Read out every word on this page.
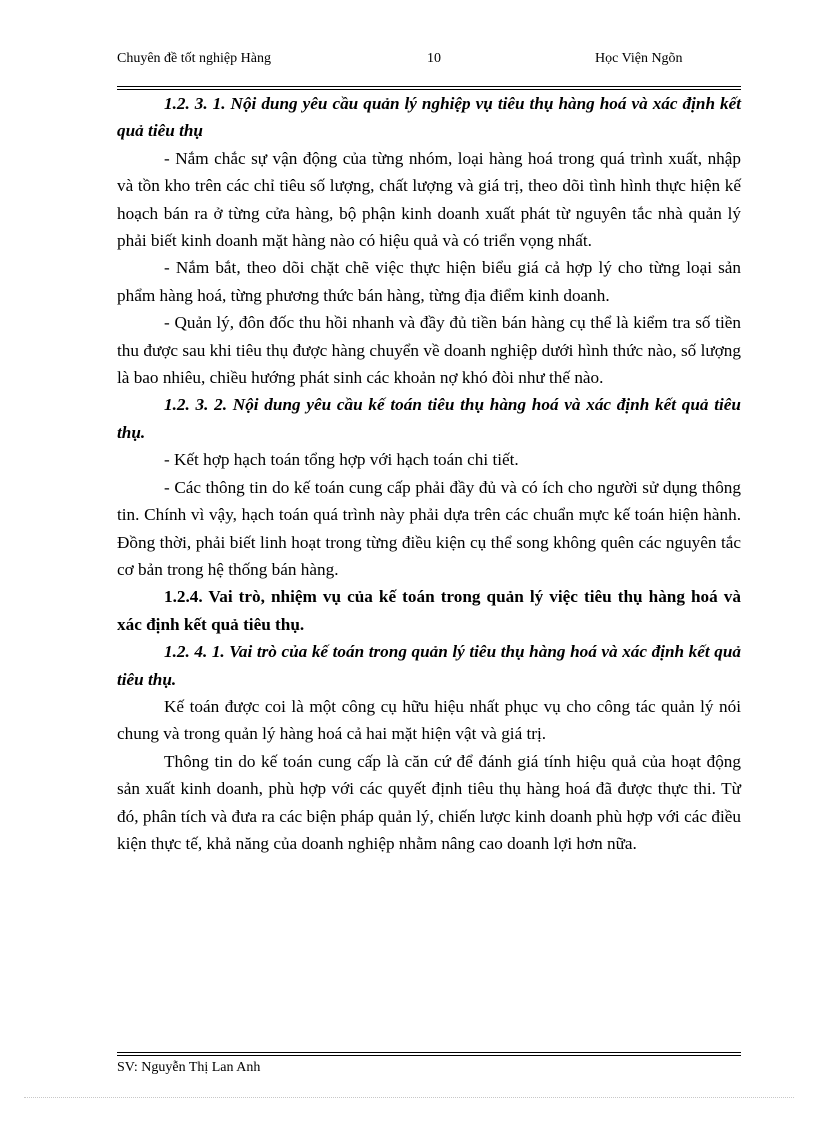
Chuyên đề tốt nghiệp Hàng	10	Học Viện Ngõn

1.2. 3. 1. Nội dung yêu cầu quản lý nghiệp vụ tiêu thụ hàng hoá và xác định kết quả tiêu thụ

- Nắm chắc sự vận động của từng nhóm, loại hàng hoá trong quá trình xuất, nhập và tồn kho trên các chỉ tiêu số lượng, chất lượng và giá trị, theo dõi tình hình thực hiện kế hoạch bán ra ở từng cửa hàng, bộ phận kinh doanh xuất phát từ nguyên tắc nhà quản lý phải biết kinh doanh mặt hàng nào có hiệu quả và có triển vọng nhất.

- Nắm bắt, theo dõi chặt chẽ việc thực hiện biểu giá cả hợp lý cho từng loại sản phẩm hàng hoá, từng phương thức bán hàng, từng địa điểm kinh doanh.

- Quản lý, đôn đốc thu hồi nhanh và đầy đủ tiền bán hàng cụ thể là kiểm tra số tiền thu được sau khi tiêu thụ được hàng chuyển về doanh nghiệp dưới hình thức nào, số lượng là bao nhiêu, chiều hướng phát sinh các khoản nợ khó đòi như thế nào.

1.2. 3. 2. Nội dung yêu cầu kế toán tiêu thụ hàng hoá và xác định kết quả tiêu thụ.

- Kết hợp hạch toán tổng hợp với hạch toán chi tiết.

- Các thông tin do kế toán cung cấp phải đầy đủ và có ích cho người sử dụng thông tin. Chính vì vậy, hạch toán quá trình này phải dựa trên các chuẩn mực kế toán hiện hành. Đồng thời, phải biết linh hoạt trong từng điều kiện cụ thể song không quên các nguyên tắc cơ bản trong hệ thống bán hàng.

1.2.4. Vai trò, nhiệm vụ của kế toán trong quản lý việc tiêu thụ hàng hoá và xác định kết quả tiêu thụ.

1.2. 4. 1. Vai trò của kế toán trong quản lý tiêu thụ hàng hoá và xác định kết quả tiêu thụ.

Kế toán được coi là một công cụ hữu hiệu nhất phục vụ cho công tác quản lý nói chung và trong quản lý hàng hoá cả hai mặt hiện vật và giá trị.

Thông tin do kế toán cung cấp là căn cứ để đánh giá tính hiệu quả của hoạt động sản xuất kinh doanh, phù hợp với các quyết định tiêu thụ hàng hoá đã được thực thi. Từ đó, phân tích và đưa ra các biện pháp quản lý, chiến lược kinh doanh phù hợp với các điều kiện thực tế, khả năng của doanh nghiệp nhằm nâng cao doanh lợi hơn nữa.

SV: Nguyễn Thị Lan Anh
